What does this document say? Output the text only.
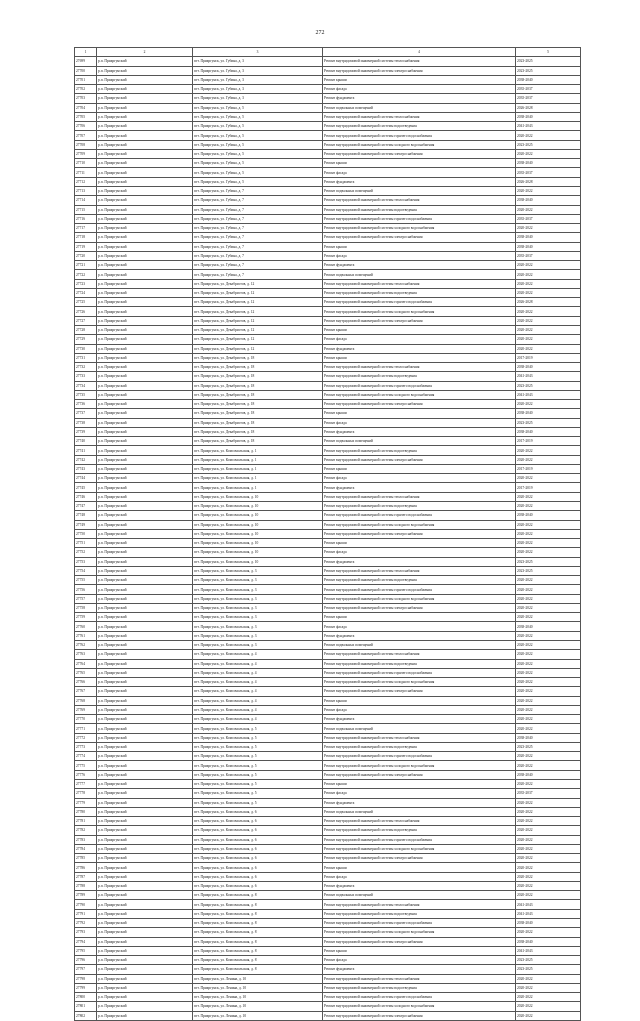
272
1	2	3	4	5
27699	р.п. Приаргунский	пгт. Приаргунск, ул. Губина, д. 3	Ремонт внутридомовой инженерной системы теплоснабжения	2023-2025
27700	р.п. Приаргунский	пгт. Приаргунск, ул. Губина, д. 3	Ремонт внутридомовой инженерной системы электроснабжения	2023-2025
27701	р.п. Приаргунский	пгт. Приаргунск, ул. Губина, д. 3	Ремонт крыши	2038-2040
27702	р.п. Приаргунский	пгт. Приаргунск, ул. Губина, д. 3	Ремонт фасада	2035-2037
27703	р.п. Приаргунский	пгт. Приаргунск, ул. Губина, д. 3	Ремонт фундамента	2035-2037
27704	р.п. Приаргунский	пгт. Приаргунск, ул. Губина, д. 5	Ремонт подвальных помещений	2026-2028
27705	р.п. Приаргунский	пгт. Приаргунск, ул. Губина, д. 5	Ремонт внутридомовой инженерной системы теплоснабжения	2038-2040
27706	р.п. Приаргунский	пгт. Приаргунск, ул. Губина, д. 5	Ремонт внутридомовой инженерной системы водоотведения	2041-2043
27707	р.п. Приаргунский	пгт. Приаргунск, ул. Губина, д. 5	Ремонт внутридомовой инженерной системы горячего водоснабжения	2020-2022
27708	р.п. Приаргунский	пгт. Приаргунск, ул. Губина, д. 5	Ремонт внутридомовой инженерной системы холодного водоснабжения	2023-2025
27709	р.п. Приаргунский	пгт. Приаргунск, ул. Губина, д. 5	Ремонт внутридомовой инженерной системы электроснабжения	2020-2022
27710	р.п. Приаргунский	пгт. Приаргунск, ул. Губина, д. 5	Ремонт крыши	2038-2040
27711	р.п. Приаргунский	пгт. Приаргунск, ул. Губина, д. 5	Ремонт фасада	2035-2037
27712	р.п. Приаргунский	пгт. Приаргунск, ул. Губина, д. 5	Ремонт фундамента	2026-2028
27713	р.п. Приаргунский	пгт. Приаргунск, ул. Губина, д. 7	Ремонт подвальных помещений	2020-2022
27714	р.п. Приаргунский	пгт. Приаргунск, ул. Губина, д. 7	Ремонт внутридомовой инженерной системы теплоснабжения	2038-2040
27715	р.п. Приаргунский	пгт. Приаргунск, ул. Губина, д. 7	Ремонт внутридомовой инженерной системы водоотведения	2020-2022
27716	р.п. Приаргунский	пгт. Приаргунск, ул. Губина, д. 7	Ремонт внутридомовой инженерной системы горячего водоснабжения	2035-2037
27717	р.п. Приаргунский	пгт. Приаргунск, ул. Губина, д. 7	Ремонт внутридомовой инженерной системы холодного водоснабжения	2020-2022
27718	р.п. Приаргунский	пгт. Приаргунск, ул. Губина, д. 7	Ремонт внутридомовой инженерной системы электроснабжения	2038-2040
27719	р.п. Приаргунский	пгт. Приаргунск, ул. Губина, д. 7	Ремонт крыши	2038-2040
27720	р.п. Приаргунский	пгт. Приаргунск, ул. Губина, д. 7	Ремонт фасада	2035-2037
27721	р.п. Приаргунский	пгт. Приаргунск, ул. Губина, д. 7	Ремонт фундамента	2020-2022
27722	р.п. Приаргунский	пгт. Приаргунск, ул. Губина, д. 7	Ремонт подвальных помещений	2020-2022
27723	р.п. Приаргунский	пгт. Приаргунск, ул. Декабристов, д. 12	Ремонт внутридомовой инженерной системы теплоснабжения	2020-2022
27724	р.п. Приаргунский	пгт. Приаргунск, ул. Декабристов, д. 12	Ремонт внутридомовой инженерной системы водоотведения	2020-2022
27725	р.п. Приаргунский	пгт. Приаргунск, ул. Декабристов, д. 12	Ремонт внутридомовой инженерной системы горячего водоснабжения	2026-2028
27726	р.п. Приаргунский	пгт. Приаргунск, ул. Декабристов, д. 12	Ремонт внутридомовой инженерной системы холодного водоснабжения	2020-2022
27727	р.п. Приаргунский	пгт. Приаргунск, ул. Декабристов, д. 12	Ремонт внутридомовой инженерной системы электроснабжения	2020-2022
27728	р.п. Приаргунский	пгт. Приаргунск, ул. Декабристов, д. 12	Ремонт крыши	2020-2022
27729	р.п. Приаргунский	пгт. Приаргунск, ул. Декабристов, д. 12	Ремонт фасада	2020-2022
27730	р.п. Приаргунский	пгт. Приаргунск, ул. Декабристов, д. 12	Ремонт фундамента	2020-2022
27731	р.п. Приаргунский	пгт. Приаргунск, ул. Декабристов, д. 18	Ремонт крыши	2017-2019
27732	р.п. Приаргунский	пгт. Приаргунск, ул. Декабристов, д. 18	Ремонт внутридомовой инженерной системы теплоснабжения	2038-2040
27733	р.п. Приаргунский	пгт. Приаргунск, ул. Декабристов, д. 18	Ремонт внутридомовой инженерной системы водоотведения	2041-2043
27734	р.п. Приаргунский	пгт. Приаргунск, ул. Декабристов, д. 18	Ремонт внутридомовой инженерной системы горячего водоснабжения	2023-2025
27735	р.п. Приаргунский	пгт. Приаргунск, ул. Декабристов, д. 18	Ремонт внутридомовой инженерной системы холодного водоснабжения	2041-2043
27736	р.п. Приаргунский	пгт. Приаргунск, ул. Декабристов, д. 18	Ремонт внутридомовой инженерной системы электроснабжения	2020-2022
27737	р.п. Приаргунский	пгт. Приаргунск, ул. Декабристов, д. 18	Ремонт крыши	2038-2040
27738	р.п. Приаргунский	пгт. Приаргунск, ул. Декабристов, д. 18	Ремонт фасада	2023-2025
27739	р.п. Приаргунский	пгт. Приаргунск, ул. Декабристов, д. 18	Ремонт фундамента	2038-2040
27740	р.п. Приаргунский	пгт. Приаргунск, ул. Декабристов, д. 18	Ремонт подвальных помещений	2017-2019
27741	р.п. Приаргунский	пгт. Приаргунск, ул. Комсомольская, д. 1	Ремонт внутридомовой инженерной системы водоотведения	2020-2022
27742	р.п. Приаргунский	пгт. Приаргунск, ул. Комсомольская, д. 1	Ремонт внутридомовой инженерной системы электроснабжения	2020-2022
27743	р.п. Приаргунский	пгт. Приаргунск, ул. Комсомольская, д. 1	Ремонт крыши	2017-2019
27744	р.п. Приаргунский	пгт. Приаргунск, ул. Комсомольская, д. 1	Ремонт фасада	2020-2022
27745	р.п. Приаргунский	пгт. Приаргунск, ул. Комсомольская, д. 1	Ремонт фундамента	2017-2019
27746	р.п. Приаргунский	пгт. Приаргунск, ул. Комсомольская, д. 10	Ремонт внутридомовой инженерной системы теплоснабжения	2020-2022
27747	р.п. Приаргунский	пгт. Приаргунск, ул. Комсомольская, д. 10	Ремонт внутридомовой инженерной системы водоотведения	2020-2022
27748	р.п. Приаргунский	пгт. Приаргунск, ул. Комсомольская, д. 10	Ремонт внутридомовой инженерной системы горячего водоснабжения	2038-2040
27749	р.п. Приаргунский	пгт. Приаргунск, ул. Комсомольская, д. 10	Ремонт внутридомовой инженерной системы холодного водоснабжения	2020-2022
27750	р.п. Приаргунский	пгт. Приаргунск, ул. Комсомольская, д. 10	Ремонт внутридомовой инженерной системы электроснабжения	2020-2022
27751	р.п. Приаргунский	пгт. Приаргунск, ул. Комсомольская, д. 10	Ремонт крыши	2020-2022
27752	р.п. Приаргунский	пгт. Приаргунск, ул. Комсомольская, д. 10	Ремонт фасада	2020-2022
27753	р.п. Приаргунский	пгт. Приаргунск, ул. Комсомольская, д. 10	Ремонт фундамента	2023-2025
27754	р.п. Приаргунский	пгт. Приаргунск, ул. Комсомольская, д. 3	Ремонт внутридомовой инженерной системы теплоснабжения	2023-2025
27755	р.п. Приаргунский	пгт. Приаргунск, ул. Комсомольская, д. 3	Ремонт внутридомовой инженерной системы водоотведения	2020-2022
27756	р.п. Приаргунский	пгт. Приаргунск, ул. Комсомольская, д. 3	Ремонт внутридомовой инженерной системы горячего водоснабжения	2020-2022
27757	р.п. Приаргунский	пгт. Приаргунск, ул. Комсомольская, д. 3	Ремонт внутридомовой инженерной системы холодного водоснабжения	2020-2022
27758	р.п. Приаргунский	пгт. Приаргунск, ул. Комсомольская, д. 3	Ремонт внутридомовой инженерной системы электроснабжения	2020-2022
27759	р.п. Приаргунский	пгт. Приаргунск, ул. Комсомольская, д. 3	Ремонт крыши	2020-2022
27760	р.п. Приаргунский	пгт. Приаргунск, ул. Комсомольская, д. 3	Ремонт фасада	2038-2040
27761	р.п. Приаргунский	пгт. Приаргунск, ул. Комсомольская, д. 3	Ремонт фундамента	2020-2022
27762	р.п. Приаргунский	пгт. Приаргунск, ул. Комсомольская, д. 3	Ремонт подвальных помещений	2020-2022
27763	р.п. Приаргунский	пгт. Приаргунск, ул. Комсомольская, д. 4	Ремонт внутридомовой инженерной системы теплоснабжения	2020-2022
27764	р.п. Приаргунский	пгт. Приаргунск, ул. Комсомольская, д. 4	Ремонт внутридомовой инженерной системы водоотведения	2020-2022
27765	р.п. Приаргунский	пгт. Приаргунск, ул. Комсомольская, д. 4	Ремонт внутридомовой инженерной системы горячего водоснабжения	2020-2022
27766	р.п. Приаргунский	пгт. Приаргунск, ул. Комсомольская, д. 4	Ремонт внутридомовой инженерной системы холодного водоснабжения	2020-2022
27767	р.п. Приаргунский	пгт. Приаргунск, ул. Комсомольская, д. 4	Ремонт внутридомовой инженерной системы электроснабжения	2020-2022
27768	р.п. Приаргунский	пгт. Приаргунск, ул. Комсомольская, д. 4	Ремонт крыши	2020-2022
27769	р.п. Приаргунский	пгт. Приаргунск, ул. Комсомольская, д. 4	Ремонт фасада	2020-2022
27770	р.п. Приаргунский	пгт. Приаргунск, ул. Комсомольская, д. 4	Ремонт фундамента	2020-2022
27771	р.п. Приаргунский	пгт. Приаргунск, ул. Комсомольская, д. 5	Ремонт подвальных помещений	2020-2022
27772	р.п. Приаргунский	пгт. Приаргунск, ул. Комсомольская, д. 5	Ремонт внутридомовой инженерной системы теплоснабжения	2038-2040
27773	р.п. Приаргунский	пгт. Приаргунск, ул. Комсомольская, д. 5	Ремонт внутридомовой инженерной системы водоотведения	2023-2025
27774	р.п. Приаргунский	пгт. Приаргунск, ул. Комсомольская, д. 5	Ремонт внутридомовой инженерной системы горячего водоснабжения	2020-2022
27775	р.п. Приаргунский	пгт. Приаргунск, ул. Комсомольская, д. 5	Ремонт внутридомовой инженерной системы холодного водоснабжения	2020-2022
27776	р.п. Приаргунский	пгт. Приаргунск, ул. Комсомольская, д. 5	Ремонт внутридомовой инженерной системы электроснабжения	2038-2040
27777	р.п. Приаргунский	пгт. Приаргунск, ул. Комсомольская, д. 5	Ремонт крыши	2020-2022
27778	р.п. Приаргунский	пгт. Приаргунск, ул. Комсомольская, д. 5	Ремонт фасада	2035-2037
27779	р.п. Приаргунский	пгт. Приаргунск, ул. Комсомольская, д. 5	Ремонт фундамента	2020-2022
27780	р.п. Приаргунский	пгт. Приаргунск, ул. Комсомольская, д. 6	Ремонт подвальных помещений	2020-2022
27781	р.п. Приаргунский	пгт. Приаргунск, ул. Комсомольская, д. 6	Ремонт внутридомовой инженерной системы теплоснабжения	2020-2022
27782	р.п. Приаргунский	пгт. Приаргунск, ул. Комсомольская, д. 6	Ремонт внутридомовой инженерной системы водоотведения	2020-2022
27783	р.п. Приаргунский	пгт. Приаргунск, ул. Комсомольская, д. 6	Ремонт внутридомовой инженерной системы горячего водоснабжения	2020-2022
27784	р.п. Приаргунский	пгт. Приаргунск, ул. Комсомольская, д. 6	Ремонт внутридомовой инженерной системы холодного водоснабжения	2020-2022
27785	р.п. Приаргунский	пгт. Приаргунск, ул. Комсомольская, д. 6	Ремонт внутридомовой инженерной системы электроснабжения	2020-2022
27786	р.п. Приаргунский	пгт. Приаргунск, ул. Комсомольская, д. 6	Ремонт крыши	2020-2022
27787	р.п. Приаргунский	пгт. Приаргунск, ул. Комсомольская, д. 6	Ремонт фасада	2020-2022
27788	р.п. Приаргунский	пгт. Приаргунск, ул. Комсомольская, д. 6	Ремонт фундамента	2020-2022
27789	р.п. Приаргунский	пгт. Приаргунск, ул. Комсомольская, д. 8	Ремонт подвальных помещений	2020-2022
27790	р.п. Приаргунский	пгт. Приаргунск, ул. Комсомольская, д. 8	Ремонт внутридомовой инженерной системы теплоснабжения	2041-2043
27791	р.п. Приаргунский	пгт. Приаргунск, ул. Комсомольская, д. 8	Ремонт внутридомовой инженерной системы водоотведения	2041-2043
27792	р.п. Приаргунский	пгт. Приаргунск, ул. Комсомольская, д. 8	Ремонт внутридомовой инженерной системы горячего водоснабжения	2038-2040
27793	р.п. Приаргунский	пгт. Приаргунск, ул. Комсомольская, д. 8	Ремонт внутридомовой инженерной системы холодного водоснабжения	2020-2022
27794	р.п. Приаргунский	пгт. Приаргунск, ул. Комсомольская, д. 8	Ремонт внутридомовой инженерной системы электроснабжения	2038-2040
27795	р.п. Приаргунский	пгт. Приаргунск, ул. Комсомольская, д. 8	Ремонт крыши	2041-2043
27796	р.п. Приаргунский	пгт. Приаргунск, ул. Комсомольская, д. 8	Ремонт фасада	2023-2025
27797	р.п. Приаргунский	пгт. Приаргунск, ул. Комсомольская, д. 8	Ремонт фундамента	2023-2025
27798	р.п. Приаргунский	пгт. Приаргунск, ул. Ленина, д. 10	Ремонт внутридомовой инженерной системы теплоснабжения	2020-2022
27799	р.п. Приаргунский	пгт. Приаргунск, ул. Ленина, д. 10	Ремонт внутридомовой инженерной системы водоотведения	2020-2022
27800	р.п. Приаргунский	пгт. Приаргунск, ул. Ленина, д. 10	Ремонт внутридомовой инженерной системы горячего водоснабжения	2020-2022
27801	р.п. Приаргунский	пгт. Приаргунск, ул. Ленина, д. 10	Ремонт внутридомовой инженерной системы холодного водоснабжения	2020-2022
27802	р.п. Приаргунский	пгт. Приаргунск, ул. Ленина, д. 10	Ремонт внутридомовой инженерной системы электроснабжения	2020-2022
